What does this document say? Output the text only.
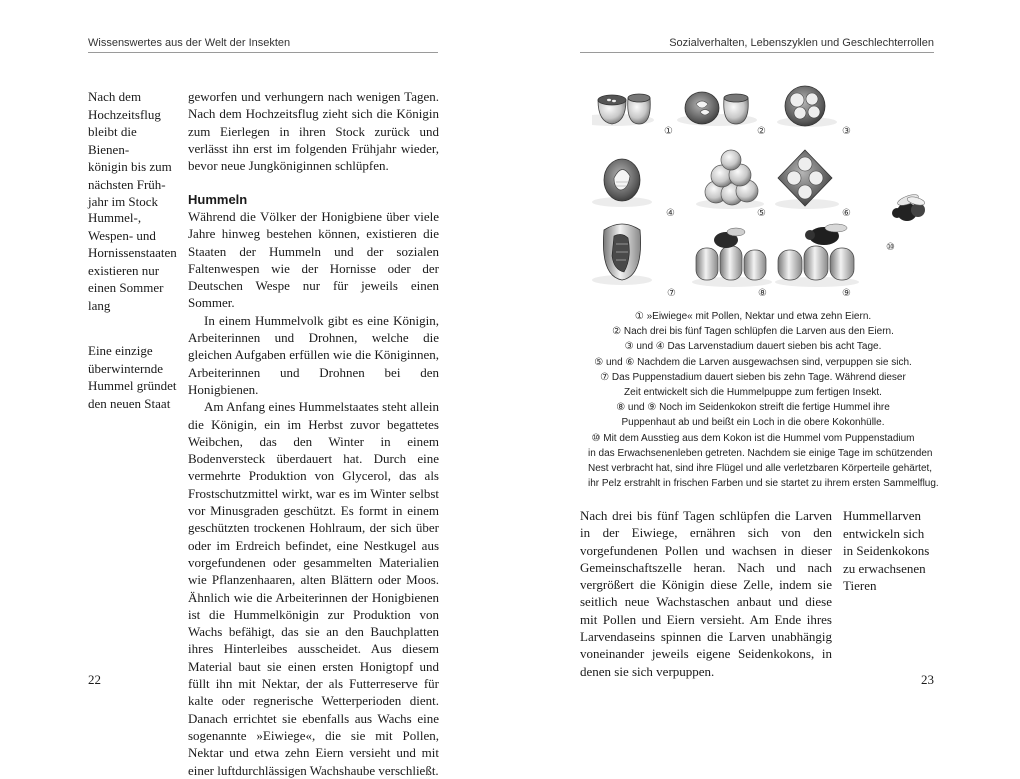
Wissenswertes aus der Welt der Insekten
Nach dem
Hochzeitsflug
bleibt die Bienen-
königin bis zum
nächsten Früh-
jahr im Stock
Hummel-,
Wespen- und
Hornissenstaaten
existieren nur
einen Sommer
lang
Eine einzige
überwinternde
Hummel gründet
den neuen Staat

geworfen und verhungern nach wenigen Tagen. Nach dem Hochzeitsflug zieht sich die Königin zum Eierlegen in ihren Stock zurück und verlässt ihn erst im folgenden Frühjahr wieder, bevor neue Jungköniginnen schlüpfen.

Hummeln

Während die Völker der Honigbiene über viele Jahre hinweg bestehen können, existieren die Staaten der Hummeln und der sozialen Faltenwespen wie der Hornisse oder der Deutschen Wespe nur für jeweils einen Sommer.

In einem Hummelvolk gibt es eine Königin, Arbeiterinnen und Drohnen, welche die gleichen Aufgaben erfüllen wie die Königinnen, Arbeiterinnen und Drohnen bei den Honigbienen.

Am Anfang eines Hummelstaates steht allein die Königin, ein im Herbst zuvor begattetes Weibchen, das den Winter in einem Bodenversteck überdauert hat. Durch eine vermehrte Produktion von Glycerol, das als Frostschutzmittel wirkt, war es im Winter selbst vor Minusgraden geschützt. Es formt in einem geschützten trockenen Hohlraum, der sich über oder im Erdreich befindet, eine Nestkugel aus vorgefundenen oder gesammelten Materialien wie Pflanzenhaaren, alten Blättern oder Moos. Ähnlich wie die Arbeiterinnen der Honigbienen ist die Hummelkönigin zur Produktion von Wachs befähigt, das sie an den Bauchplatten ihres Hinterleibes ausscheidet. Aus diesem Material baut sie einen ersten Honigtopf und füllt ihn mit Nektar, der als Futterreserve für kalte oder regnerische Wetterperioden dient. Danach errichtet sie ebenfalls aus Wachs eine sogenannte »Eiwiege«, die sie mit Pollen, Nektar und etwa zehn Eiern versieht und mit einer luftdurchlässigen Wachshaube verschließt.

22
Sozialverhalten, Lebenszyklen und Geschlechterrollen
23
①	②	③
④	⑤	⑥
⑦	⑧	⑨
⑩
① »Eiwiege« mit Pollen, Nektar und etwa zehn Eiern.
② Nach drei bis fünf Tagen schlüpfen die Larven aus den Eiern.
③ und ④ Das Larvenstadium dauert sieben bis acht Tage.
⑤ und ⑥ Nachdem die Larven ausgewachsen sind, verpuppen sie sich.
⑦ Das Puppenstadium dauert sieben bis zehn Tage. Während dieser
Zeit entwickelt sich die Hummelpuppe zum fertigen Insekt.
⑧ und ⑨ Noch im Seidenkokon streift die fertige Hummel ihre
Puppenhaut ab und beißt ein Loch in die obere Kokonhülle.
⑩ Mit dem Ausstieg aus dem Kokon ist die Hummel vom Puppenstadium
in das Erwachsenenleben getreten. Nachdem sie einige Tage im schützenden
Nest verbracht hat, sind ihre Flügel und alle verletzbaren Körperteile gehärtet,
ihr Pelz erstrahlt in frischen Farben und sie startet zu ihrem ersten Sammelflug.

Nach drei bis fünf Tagen schlüpfen die Larven in der Eiwiege, ernähren sich von den vorgefundenen Pollen und wachsen in dieser Gemeinschaftszelle heran. Nach und nach vergrößert die Königin diese Zelle, indem sie seitlich neue Wachstaschen anbaut und diese mit Pollen und Eiern versieht. Am Ende ihres Larvendaseins spinnen die Larven unabhängig voneinander jeweils eigene Seidenkokons, in denen sie sich verpuppen.

Hummellarven
entwickeln sich
in Seidenkokons
zu erwachsenen
Tieren
